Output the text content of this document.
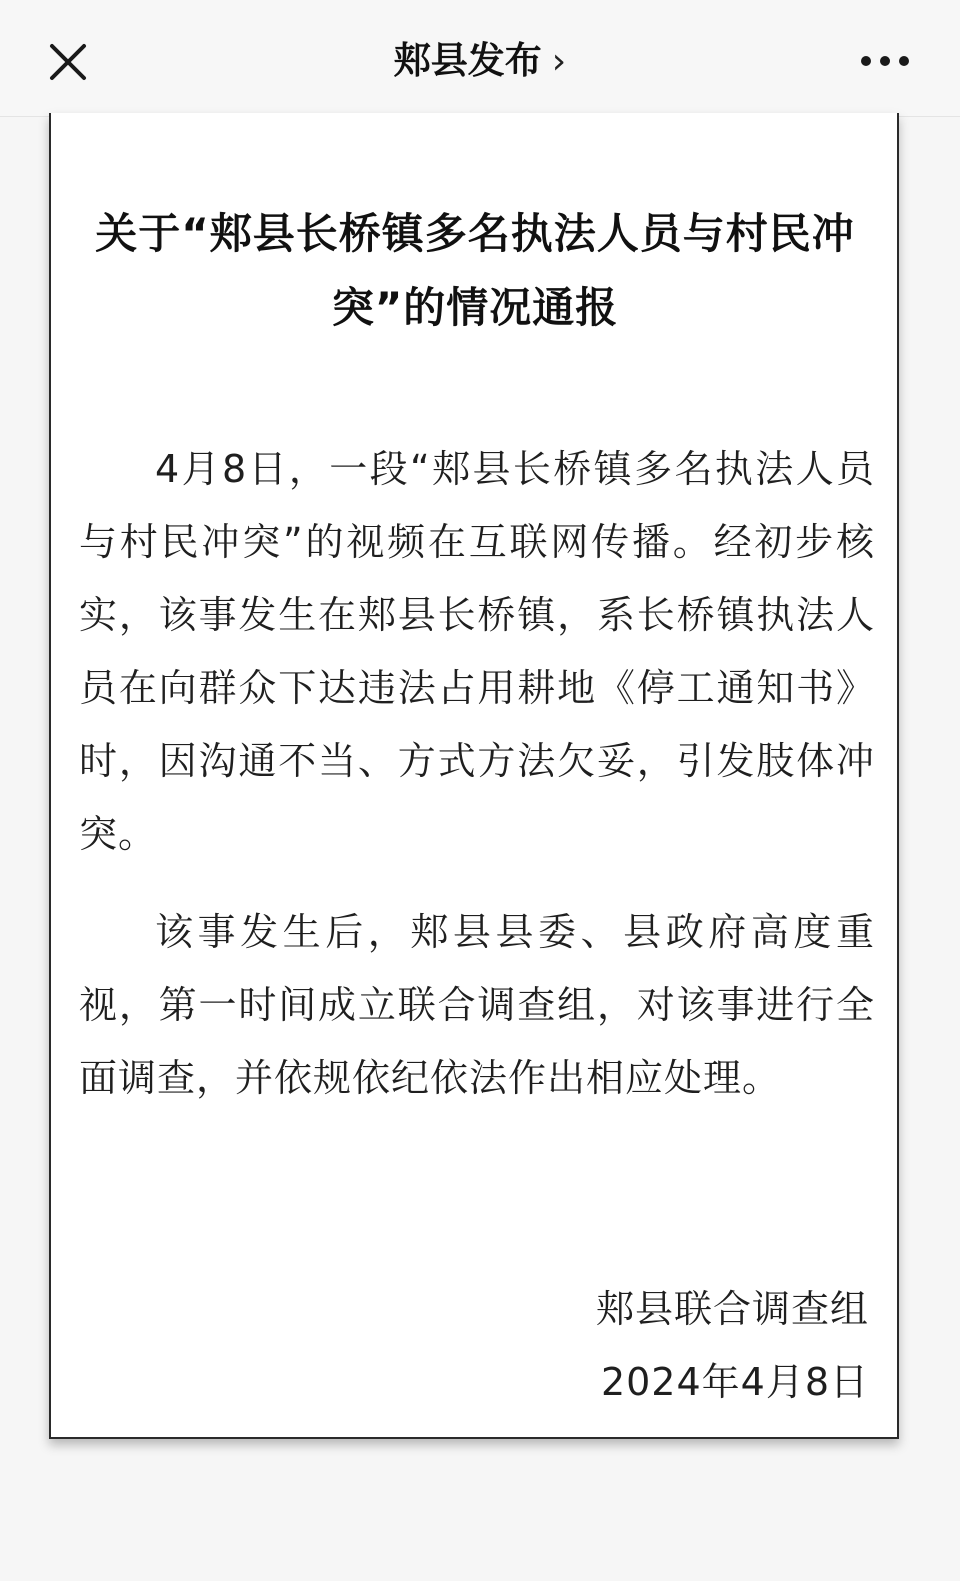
郏县发布 ›
关于“郏县长桥镇多名执法人员与村民冲突”的情况通报

4月8日，一段“郏县长桥镇多名执法人员与村民冲突”的视频在互联网传播。经初步核实，该事发生在郏县长桥镇，系长桥镇执法人员在向群众下达违法占用耕地《停工通知书》时，因沟通不当、方式方法欠妥，引发肢体冲突。

该事发生后，郏县县委、县政府高度重视，第一时间成立联合调查组，对该事进行全面调查，并依规依纪依法作出相应处理。

郏县联合调查组
2024年4月8日
